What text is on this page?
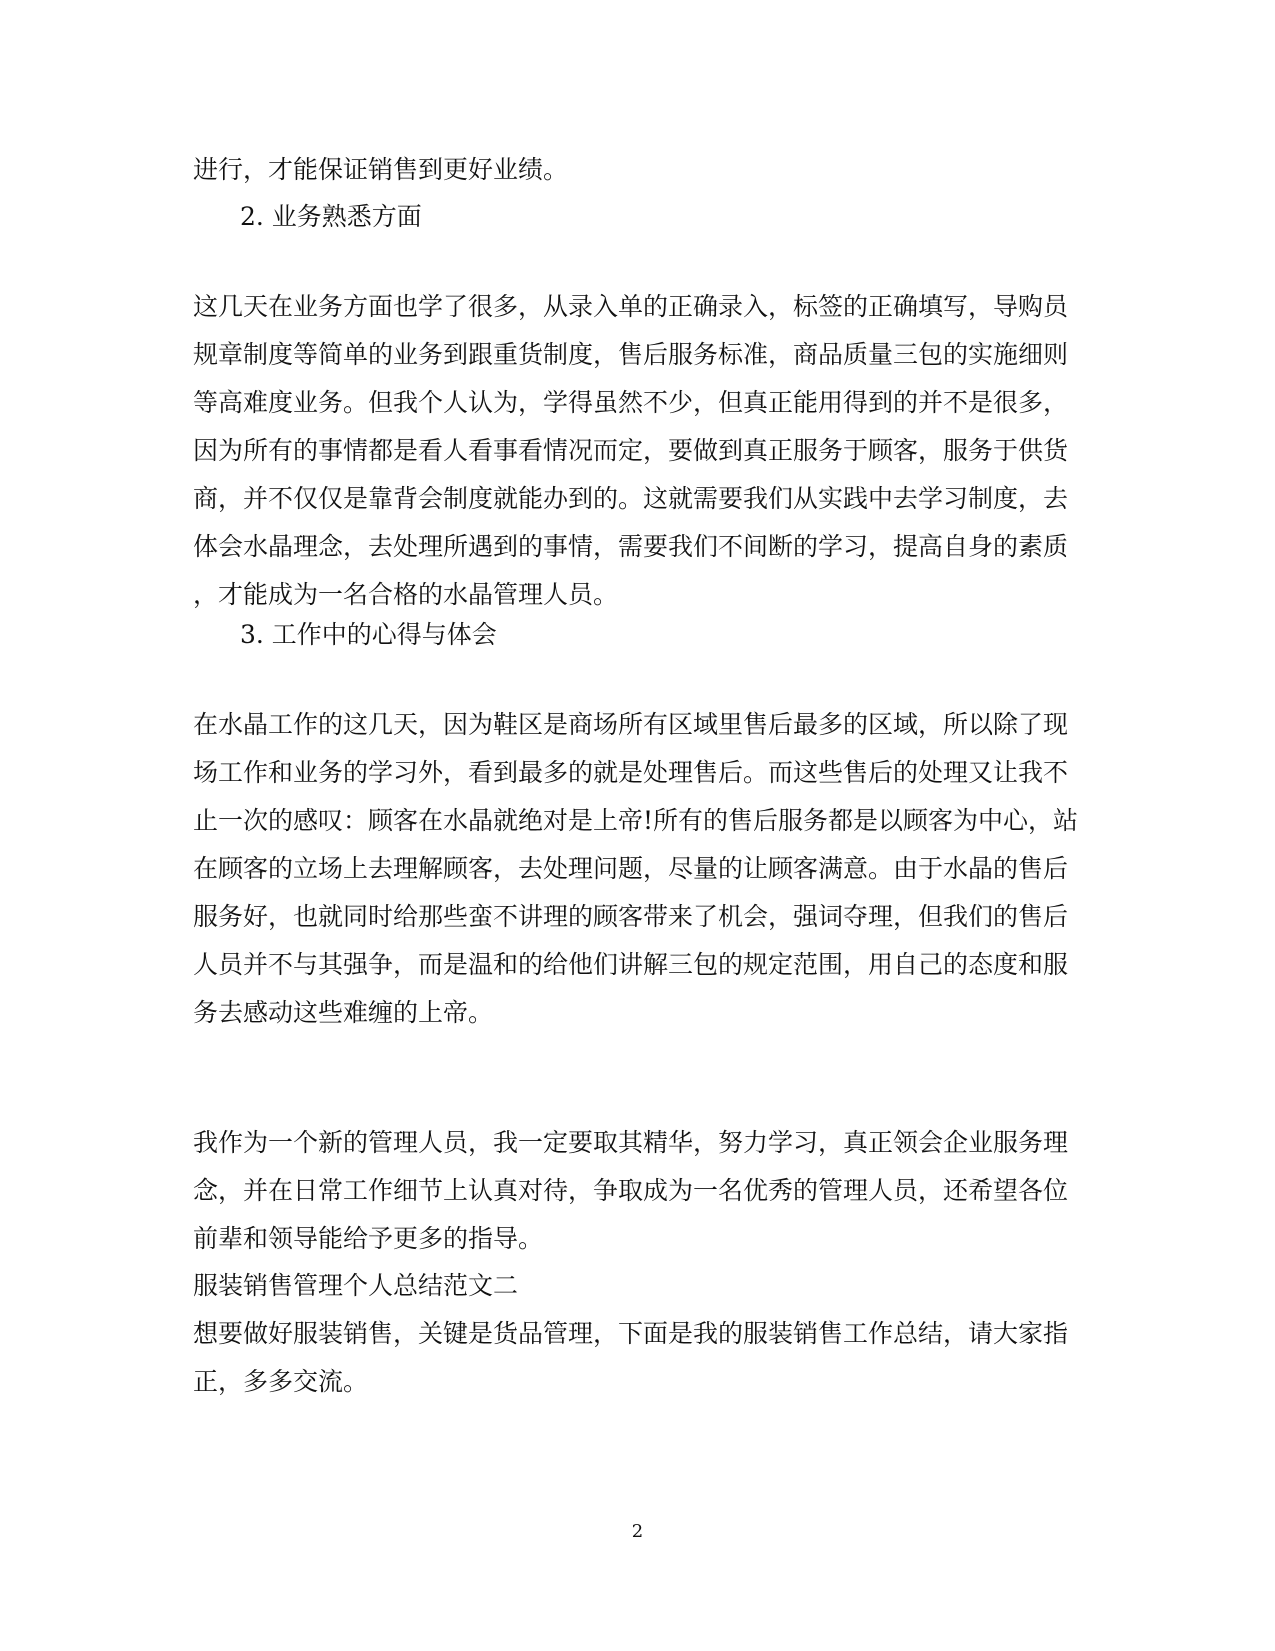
进行，才能保证销售到更好业绩。
2. 业务熟悉方面
这几天在业务方面也学了很多，从录入单的正确录入，标签的正确填写，导购员
规章制度等简单的业务到跟重货制度，售后服务标准，商品质量三包的实施细则
等高难度业务。但我个人认为，学得虽然不少，但真正能用得到的并不是很多，
因为所有的事情都是看人看事看情况而定，要做到真正服务于顾客，服务于供货
商，并不仅仅是靠背会制度就能办到的。这就需要我们从实践中去学习制度，去
体会水晶理念，去处理所遇到的事情，需要我们不间断的学习，提高自身的素质
，才能成为一名合格的水晶管理人员。
3. 工作中的心得与体会
在水晶工作的这几天，因为鞋区是商场所有区域里售后最多的区域，所以除了现
场工作和业务的学习外，看到最多的就是处理售后。而这些售后的处理又让我不
止一次的感叹：顾客在水晶就绝对是上帝!所有的售后服务都是以顾客为中心，站
在顾客的立场上去理解顾客，去处理问题，尽量的让顾客满意。由于水晶的售后
服务好，也就同时给那些蛮不讲理的顾客带来了机会，强词夺理，但我们的售后
人员并不与其强争，而是温和的给他们讲解三包的规定范围，用自己的态度和服
务去感动这些难缠的上帝。
我作为一个新的管理人员，我一定要取其精华，努力学习，真正领会企业服务理
念，并在日常工作细节上认真对待，争取成为一名优秀的管理人员，还希望各位
前辈和领导能给予更多的指导。
服装销售管理个人总结范文二
想要做好服装销售，关键是货品管理，下面是我的服装销售工作总结，请大家指
正，多多交流。
2
